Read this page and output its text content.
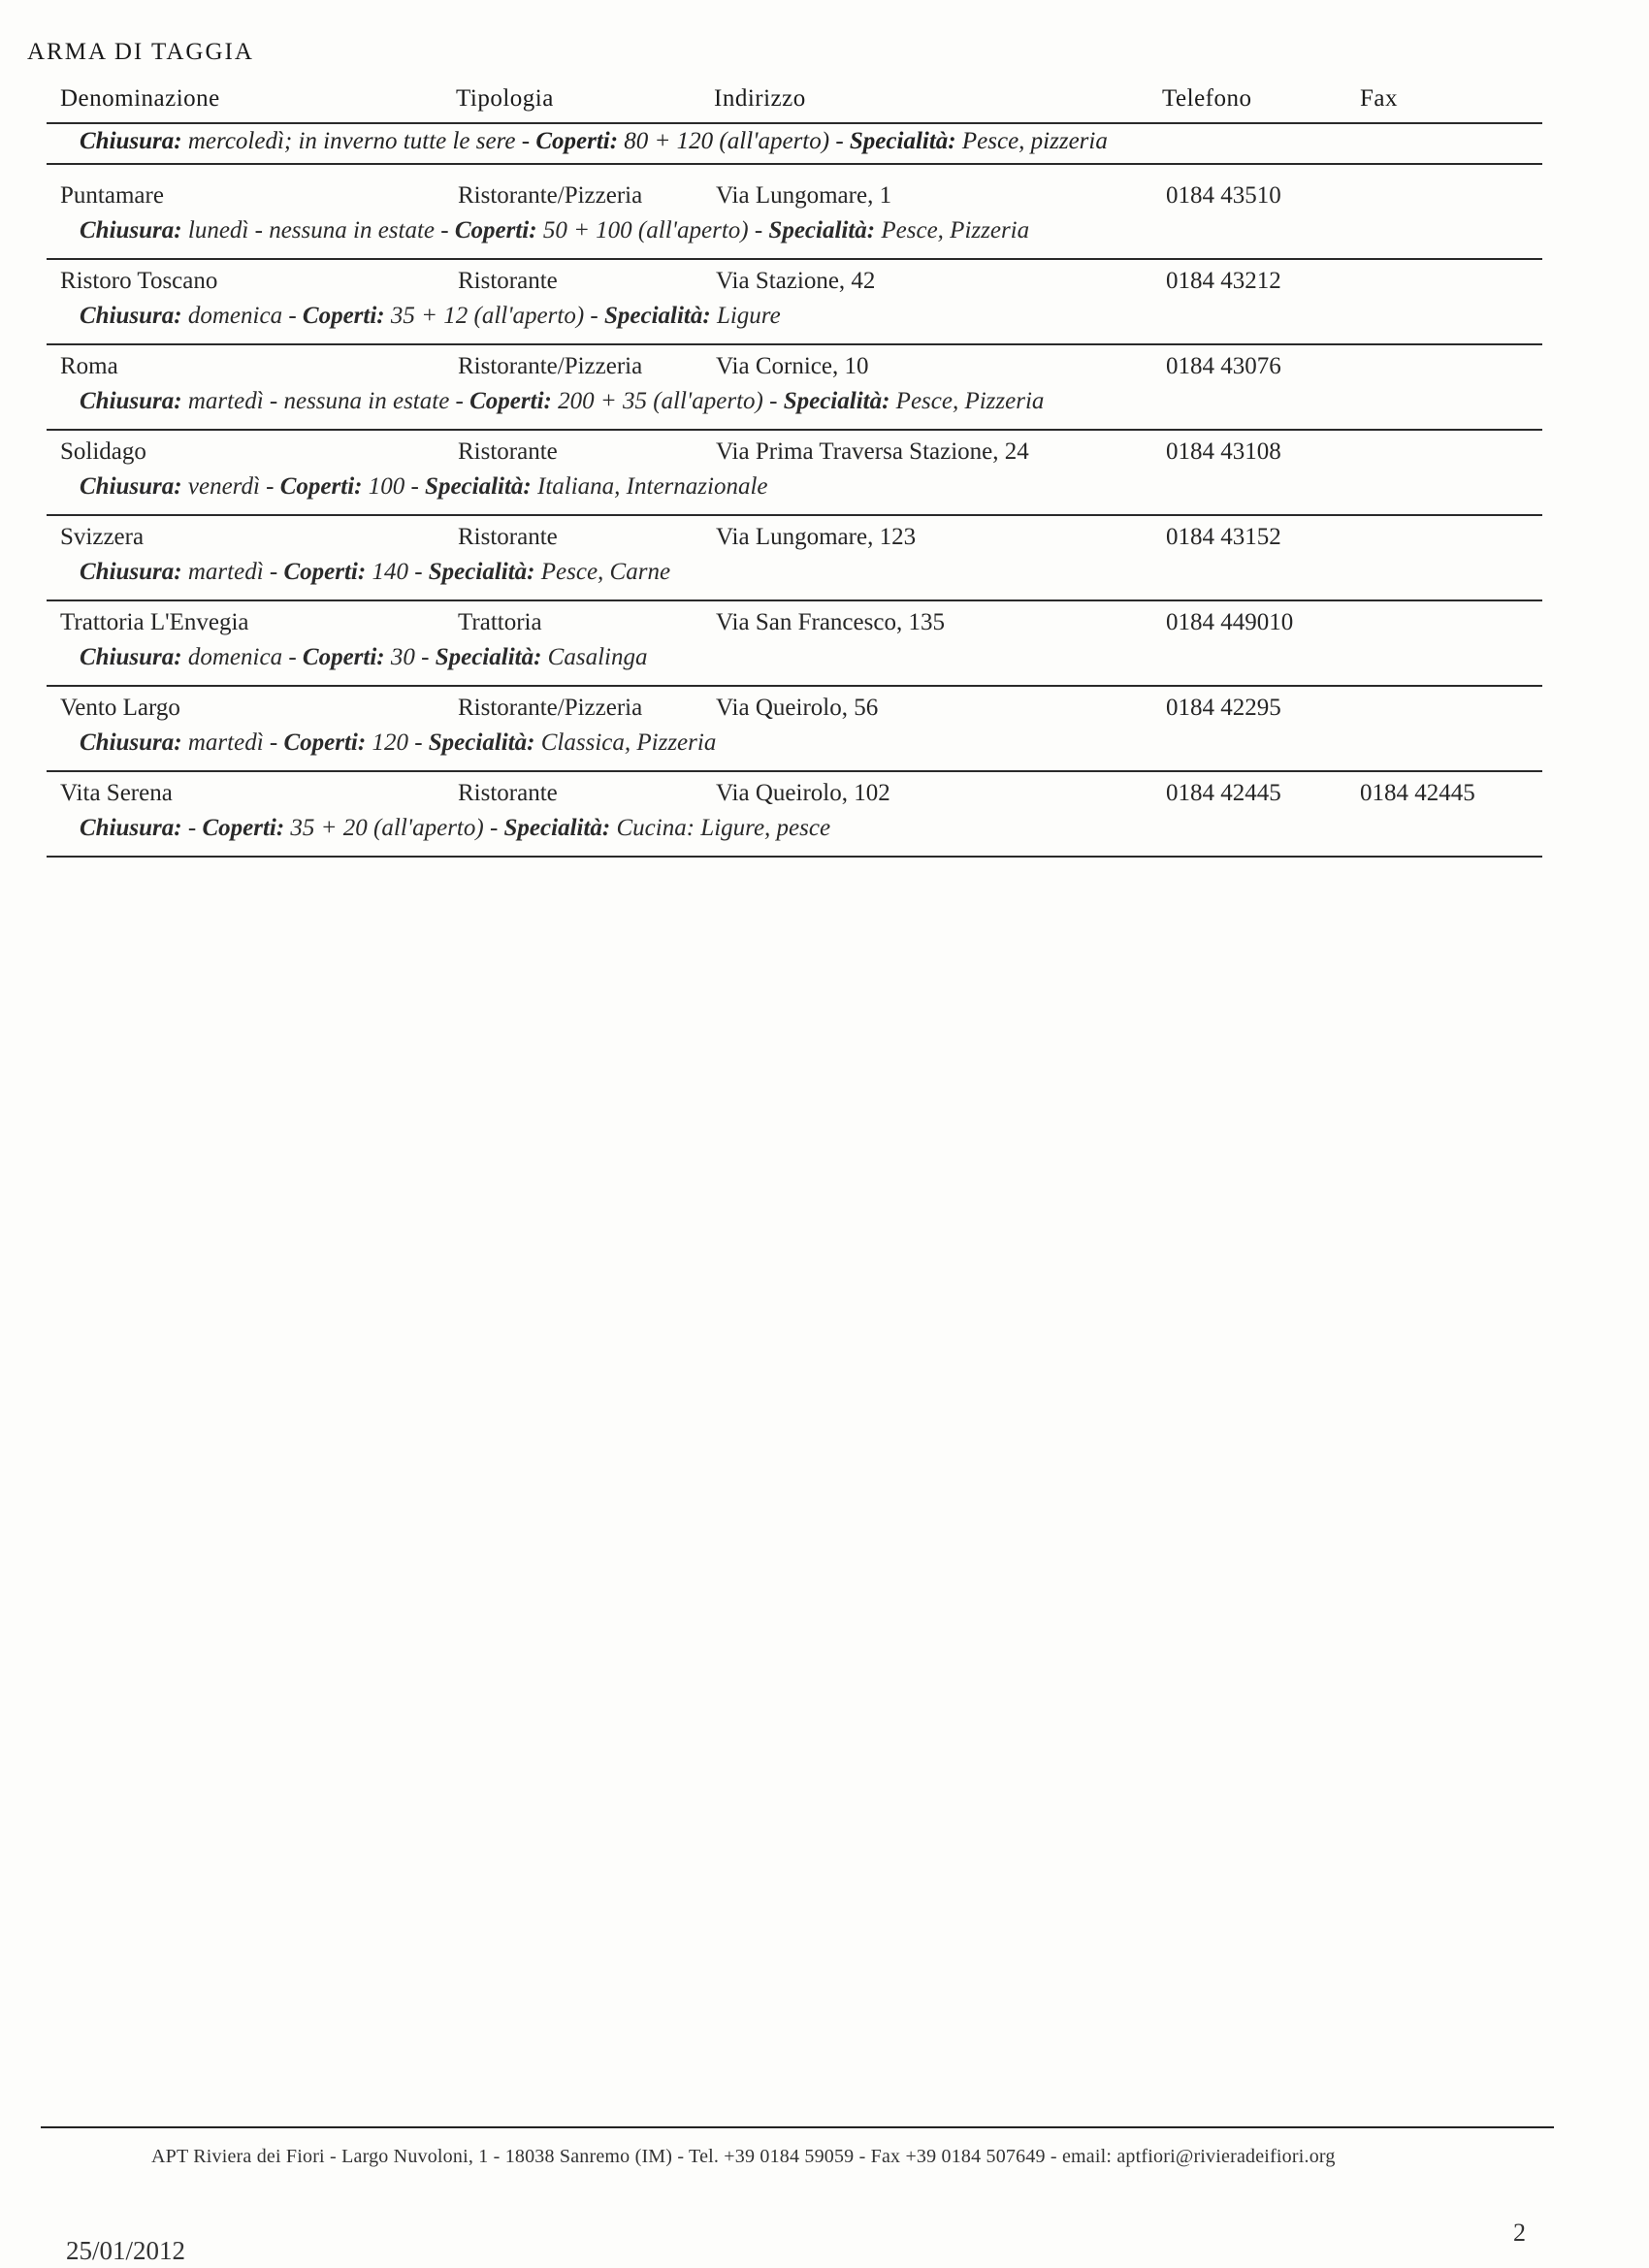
ARMA DI TAGGIA
Denominazione	Tipologia	Indirizzo	Telefono	Fax
Chiusura: mercoledì; in inverno tutte le sere - Coperti: 80 + 120 (all'aperto) - Specialità: Pesce, pizzeria
Puntamare	Ristorante/Pizzeria	Via Lungomare, 1	0184 43510
Chiusura: lunedì - nessuna in estate - Coperti: 50 + 100 (all'aperto) - Specialità: Pesce, Pizzeria
Ristoro Toscano	Ristorante	Via Stazione, 42	0184 43212
Chiusura: domenica - Coperti: 35 + 12 (all'aperto) - Specialità: Ligure
Roma	Ristorante/Pizzeria	Via Cornice, 10	0184 43076
Chiusura: martedì - nessuna in estate - Coperti: 200 + 35 (all'aperto) - Specialità: Pesce, Pizzeria
Solidago	Ristorante	Via Prima Traversa Stazione, 24	0184 43108
Chiusura: venerdì - Coperti: 100 - Specialità: Italiana, Internazionale
Svizzera	Ristorante	Via Lungomare, 123	0184 43152
Chiusura: martedì - Coperti: 140 - Specialità: Pesce, Carne
Trattoria L'Envegia	Trattoria	Via San Francesco, 135	0184 449010
Chiusura: domenica - Coperti: 30 - Specialità: Casalinga
Vento Largo	Ristorante/Pizzeria	Via Queirolo, 56	0184 42295
Chiusura: martedì - Coperti: 120 - Specialità: Classica, Pizzeria
Vita Serena	Ristorante	Via Queirolo, 102	0184 42445	0184 42445
Chiusura: - Coperti: 35 + 20 (all'aperto) - Specialità: Cucina: Ligure, pesce
APT Riviera dei Fiori - Largo Nuvoloni, 1 - 18038 Sanremo (IM) - Tel. +39 0184 59059 - Fax +39 0184 507649 - email: aptfiori@rivieradeifiori.org
25/01/2012
2
